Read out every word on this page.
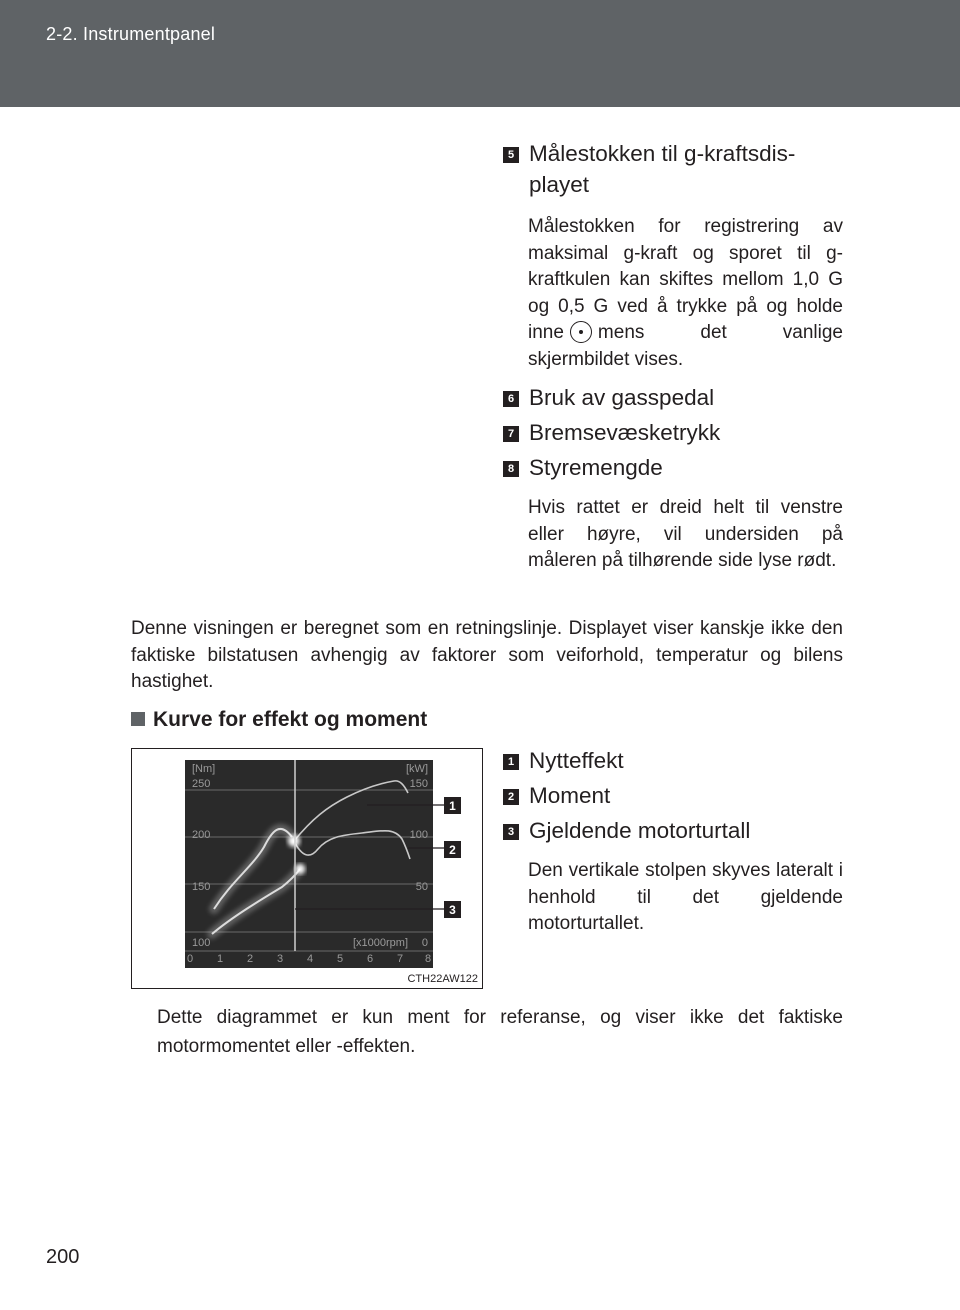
2-2. Instrumentpanel
5 Målestokken til g-kraftsdis-
playet
Målestokken for registrering av maksimal g-kraft og sporet til g-kraftkulen kan skiftes mellom 1,0 G og 0,5 G ved å trykke på og holde inne mens det vanlige skjermbildet vises.
6 Bruk av gasspedal
7 Bremsevæsketrykk
8 Styremengde
Hvis rattet er dreid helt til venstre eller høyre, vil undersiden på måleren på tilhørende side lyse rødt.
Denne visningen er beregnet som en retningslinje. Displayet viser kanskje ikke den faktiske bilstatusen avhengig av faktorer som veiforhold, temperatur og bilens hastighet.
Kurve for effekt og moment
[Nm]	[kW]
250
200
150
100
150
100
50
0
[x1000rpm]
0 1 2 3 4 5 6 7 8
1
2
3
CTH22AW122
1 Nytteffekt
2 Moment
3 Gjeldende motorturtall
Den vertikale stolpen skyves lateralt i henhold til det gjeldende motorturtallet.
Dette diagrammet er kun ment for referanse, og viser ikke det faktiske motormomentet eller -effekten.
200
